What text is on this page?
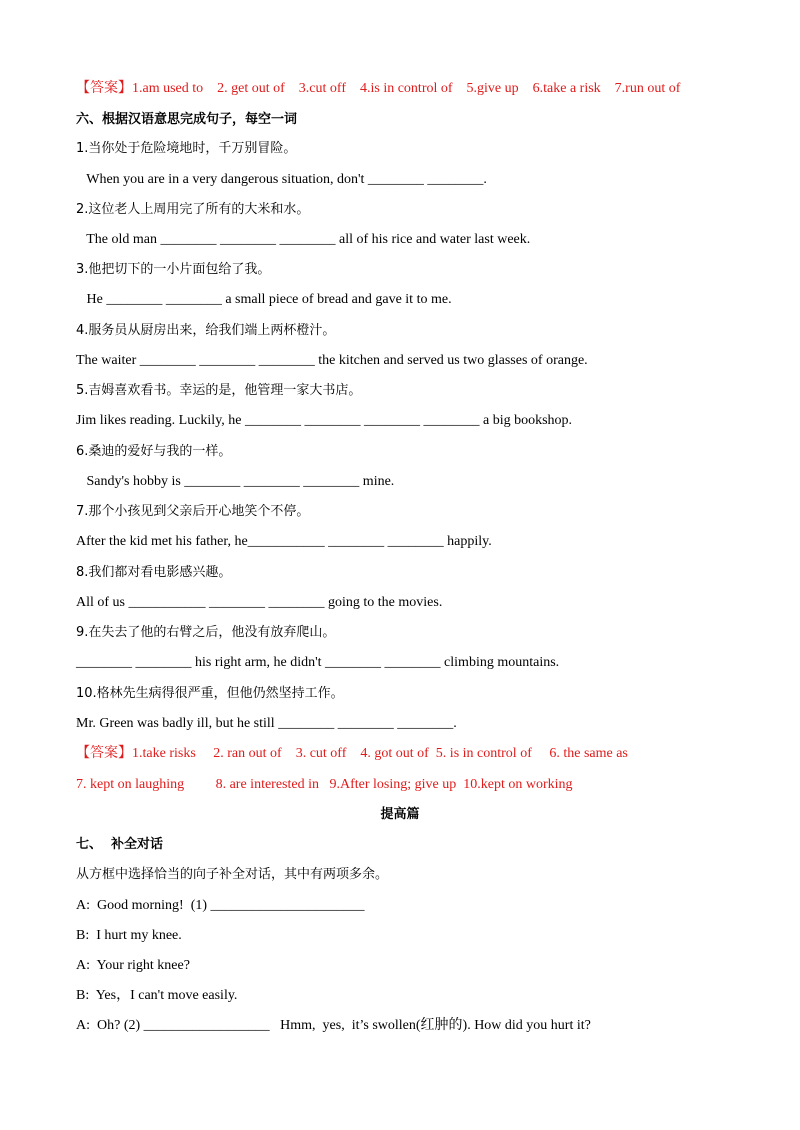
【答案】1.am used to    2. get out of    3.cut off    4.is in control of    5.give up    6.take a risk    7.run out of
六、根据汉语意思完成句子，每空一词
1.当你处于危险境地时，千万别冒险。
When you are in a very dangerous situation, don't ________ ________.
2.这位老人上周用完了所有的大米和水。
The old man ________ ________ ________ all of his rice and water last week.
3.他把切下的一小片面包给了我。
He ________ ________ a small piece of bread and gave it to me.
4.服务员从厨房出来，给我们端上两杯橙汁。
The waiter ________ ________ ________ the kitchen and served us two glasses of orange.
5.吉姆喜欢看书。幸运的是，他管理一家大书店。
Jim likes reading. Luckily, he ________ ________ ________ ________ a big bookshop.
6.桑迪的爱好与我的一样。
Sandy's hobby is ________ ________ ________ mine.
7.那个小孩见到父亲后开心地笑个不停。
After the kid met his father, he___________ ________ ________ happily.
8.我们都对看电影感兴趣。
All of us ___________ ________ ________ going to the movies.
9.在失去了他的右臂之后，他没有放弃爬山。
________ ________ his right arm, he didn't ________ ________ climbing mountains.
10.格林先生病得很严重，但他仍然坚持工作。
Mr. Green was badly ill, but he still ________ ________ ________.
【答案】1.take risks     2. ran out of    3. cut off    4. got out of  5. is in control of     6. the same as
7. kept on laughing         8. are interested in   9.After losing; give up  10.kept on working
提高篇
七、  补全对话
从方框中选择恰当的向子补全对话，其中有两项多余。
A:  Good morning!  (1) ______________________
B:  I hurt my knee.
A:  Your right knee?
B:  Yes，I can't move easily.
A:  Oh? (2) __________________   Hmm,  yes,  it’s swollen(红肿的). How did you hurt it?
